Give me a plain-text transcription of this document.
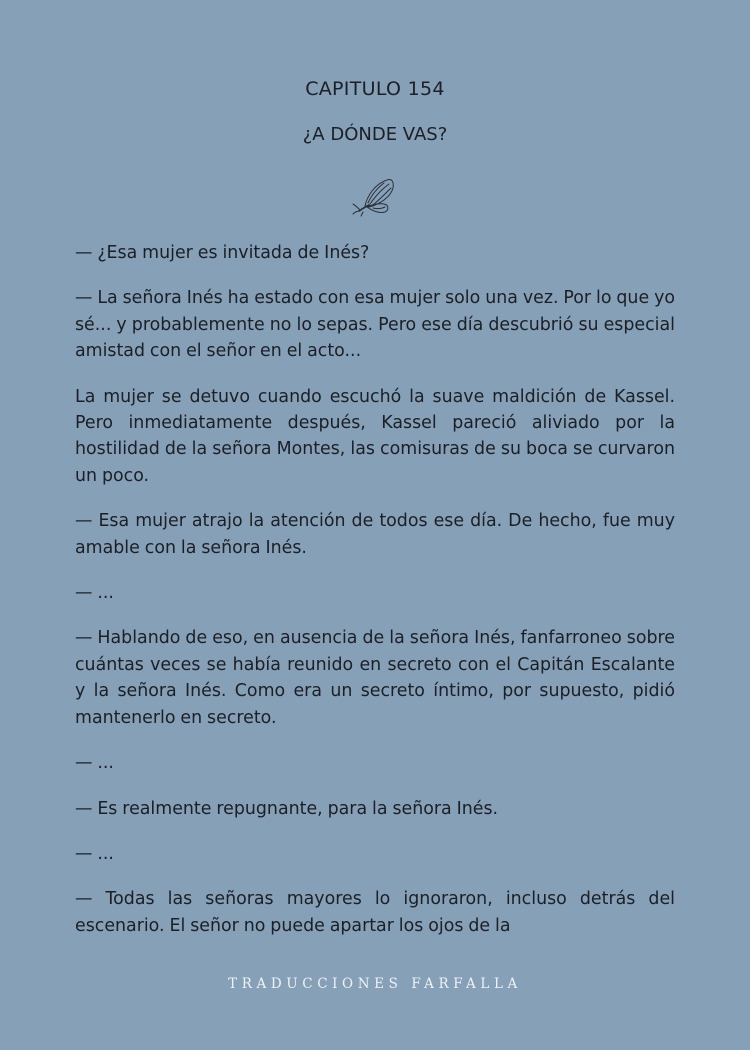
CAPITULO 154
¿A DÓNDE VAS?

— ¿Esa mujer es invitada de Inés?

— La señora Inés ha estado con esa mujer solo una vez. Por lo que yo sé... y probablemente no lo sepas. Pero ese día descubrió su especial amistad con el señor en el acto...

La mujer se detuvo cuando escuchó la suave maldición de Kassel. Pero inmediatamente después, Kassel pareció aliviado por la hostilidad de la señora Montes, las comisuras de su boca se curvaron un poco.

— Esa mujer atrajo la atención de todos ese día. De hecho, fue muy amable con la señora Inés.

— ...

— Hablando de eso, en ausencia de la señora Inés, fanfarroneo sobre cuántas veces se había reunido en secreto con el Capitán Escalante y la señora Inés. Como era un secreto íntimo, por supuesto, pidió mantenerlo en secreto.

— ...

— Es realmente repugnante, para la señora Inés.

— ...

— Todas las señoras mayores lo ignoraron, incluso detrás del escenario. El señor no puede apartar los ojos de la

TRADUCCIONES FARFALLA
